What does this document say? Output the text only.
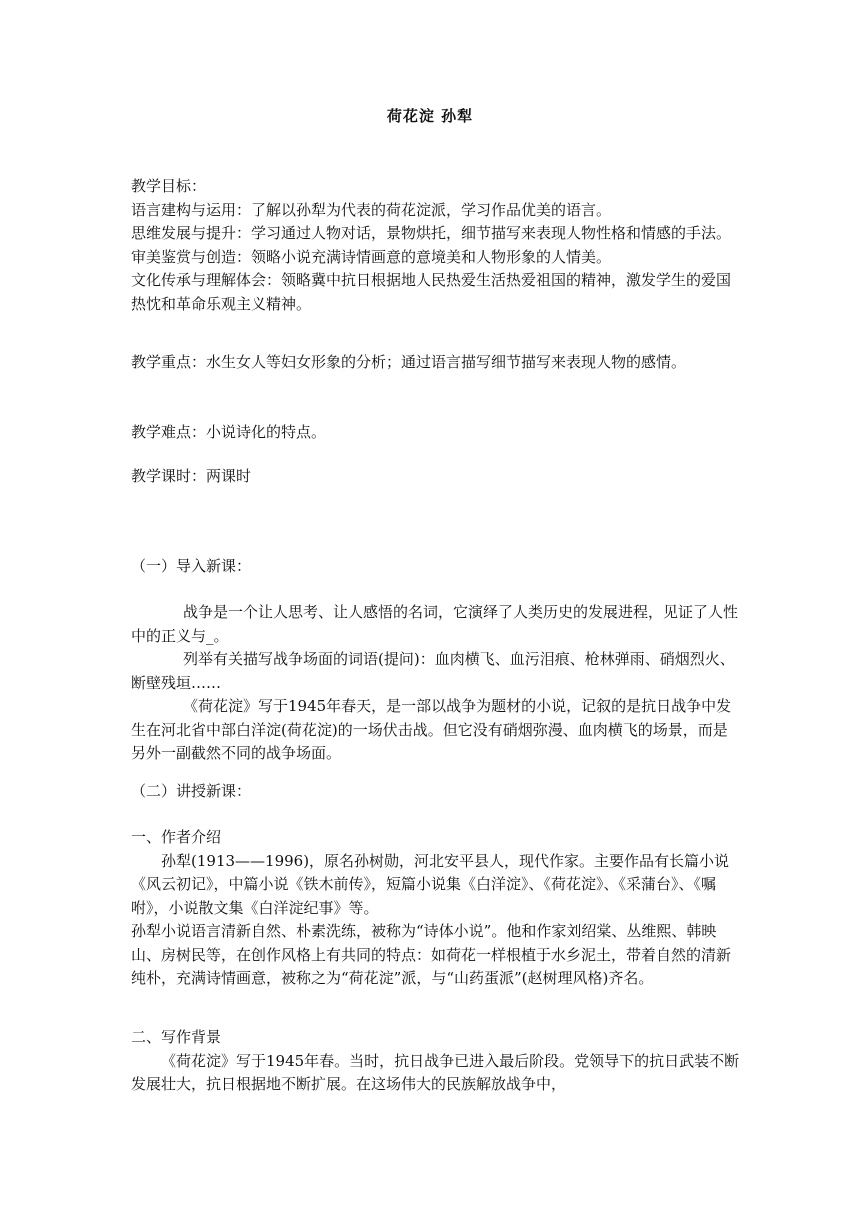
荷花淀 孙犁

教学目标：

语言建构与运用：了解以孙犁为代表的荷花淀派，学习作品优美的语言。

思维发展与提升：学习通过人物对话，景物烘托，细节描写来表现人物性格和情感的手法。

审美鉴赏与创造：领略小说充满诗情画意的意境美和人物形象的人情美。

文化传承与理解体会：领略冀中抗日根据地人民热爱生活热爱祖国的精神，激发学生的爱国热忱和革命乐观主义精神。

教学重点：水生女人等妇女形象的分析；通过语言描写细节描写来表现人物的感情。
教学难点：小说诗化的特点。
教学课时：两课时
（一）导入新课：

战争是一个让人思考、让人感悟的名词，它演绎了人类历史的发展进程，见证了人性中的正义与_。

列举有关描写战争场面的词语(提问)：血肉横飞、血污泪痕、枪林弹雨、硝烟烈火、断壁残垣……

《荷花淀》写于1945年春天，是一部以战争为题材的小说，记叙的是抗日战争中发生在河北省中部白洋淀(荷花淀)的一场伏击战。但它没有硝烟弥漫、血肉横飞的场景，而是另外一副截然不同的战争场面。

（二）讲授新课：

一、作者介绍

孙犁(1913——1996)，原名孙树勋，河北安平县人，现代作家。主要作品有长篇小说《风云初记》，中篇小说《铁木前传》，短篇小说集《白洋淀》、《荷花淀》、《采蒲台》、《嘱咐》，小说散文集《白洋淀纪事》等。

孙犁小说语言清新自然、朴素洗练，被称为“诗体小说”。他和作家刘绍棠、丛维熙、韩映山、房树民等，在创作风格上有共同的特点：如荷花一样根植于水乡泥土，带着自然的清新纯朴，充满诗情画意，被称之为“荷花淀”派，与“山药蛋派”(赵树理风格)齐名。

二、写作背景

《荷花淀》写于1945年春。当时，抗日战争已进入最后阶段。党领导下的抗日武装不断发展壮大，抗日根据地不断扩展。在这场伟大的民族解放战争中，
